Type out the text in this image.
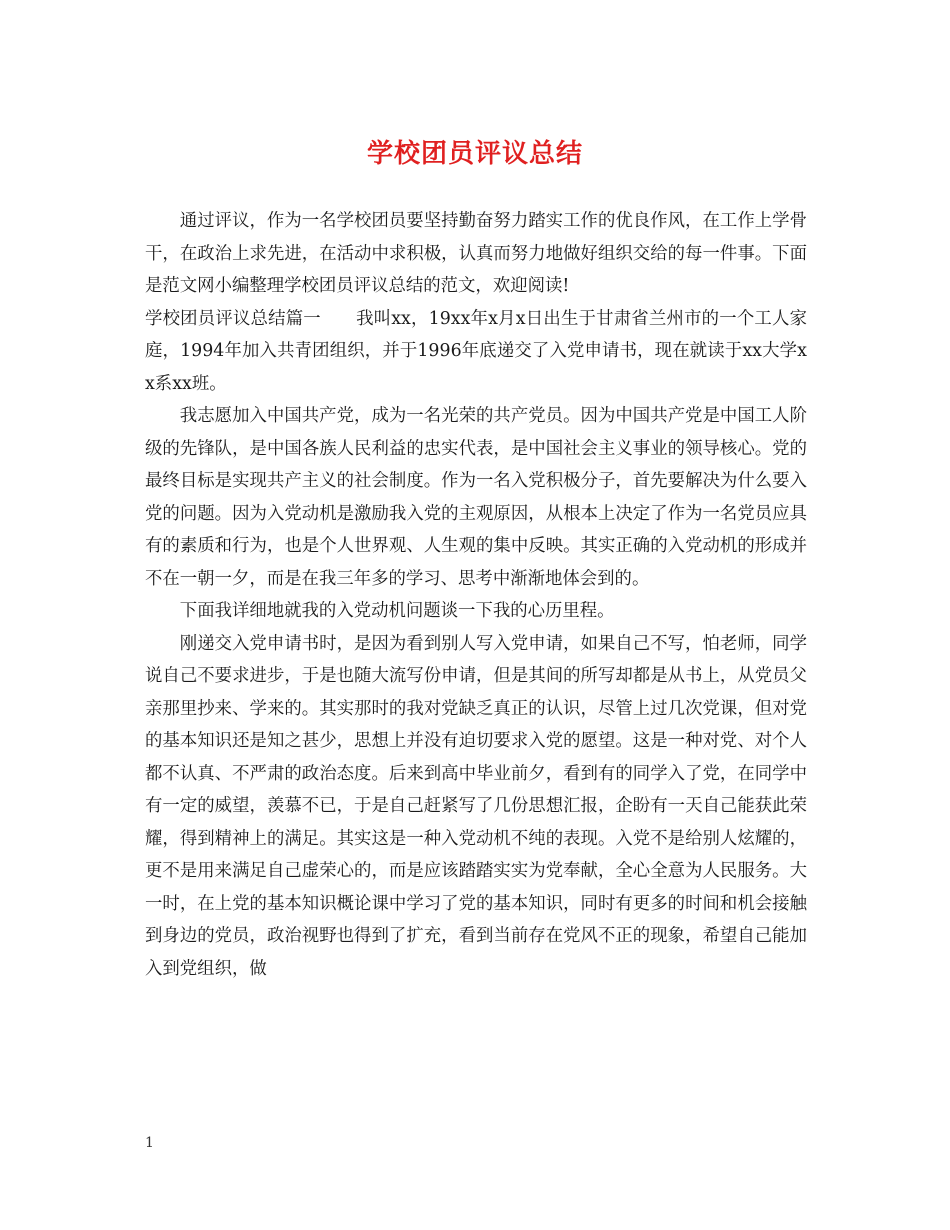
学校团员评议总结

通过评议，作为一名学校团员要坚持勤奋努力踏实工作的优良作风，在工作上学骨干，在政治上求先进，在活动中求积极，认真而努力地做好组织交给的每一件事。下面是范文网小编整理学校团员评议总结的范文，欢迎阅读!

学校团员评议总结篇一　　我叫xx，19xx年x月x日出生于甘肃省兰州市的一个工人家庭，1994年加入共青团组织，并于1996年底递交了入党申请书，现在就读于xx大学xx系xx班。

我志愿加入中国共产党，成为一名光荣的共产党员。因为中国共产党是中国工人阶级的先锋队，是中国各族人民利益的忠实代表，是中国社会主义事业的领导核心。党的最终目标是实现共产主义的社会制度。作为一名入党积极分子，首先要解决为什么要入党的问题。因为入党动机是激励我入党的主观原因，从根本上决定了作为一名党员应具有的素质和行为，也是个人世界观、人生观的集中反映。其实正确的入党动机的形成并不在一朝一夕，而是在我三年多的学习、思考中渐渐地体会到的。

下面我详细地就我的入党动机问题谈一下我的心历里程。

刚递交入党申请书时，是因为看到别人写入党申请，如果自己不写，怕老师，同学说自己不要求进步，于是也随大流写份申请，但是其间的所写却都是从书上，从党员父亲那里抄来、学来的。其实那时的我对党缺乏真正的认识，尽管上过几次党课，但对党的基本知识还是知之甚少，思想上并没有迫切要求入党的愿望。这是一种对党、对个人都不认真、不严肃的政治态度。后来到高中毕业前夕，看到有的同学入了党，在同学中有一定的威望，羡慕不已，于是自己赶紧写了几份思想汇报，企盼有一天自己能获此荣耀，得到精神上的满足。其实这是一种入党动机不纯的表现。入党不是给别人炫耀的，更不是用来满足自己虚荣心的，而是应该踏踏实实为党奉献，全心全意为人民服务。大一时，在上党的基本知识概论课中学习了党的基本知识，同时有更多的时间和机会接触到身边的党员，政治视野也得到了扩充，看到当前存在党风不正的现象，希望自己能加入到党组织，做

1
